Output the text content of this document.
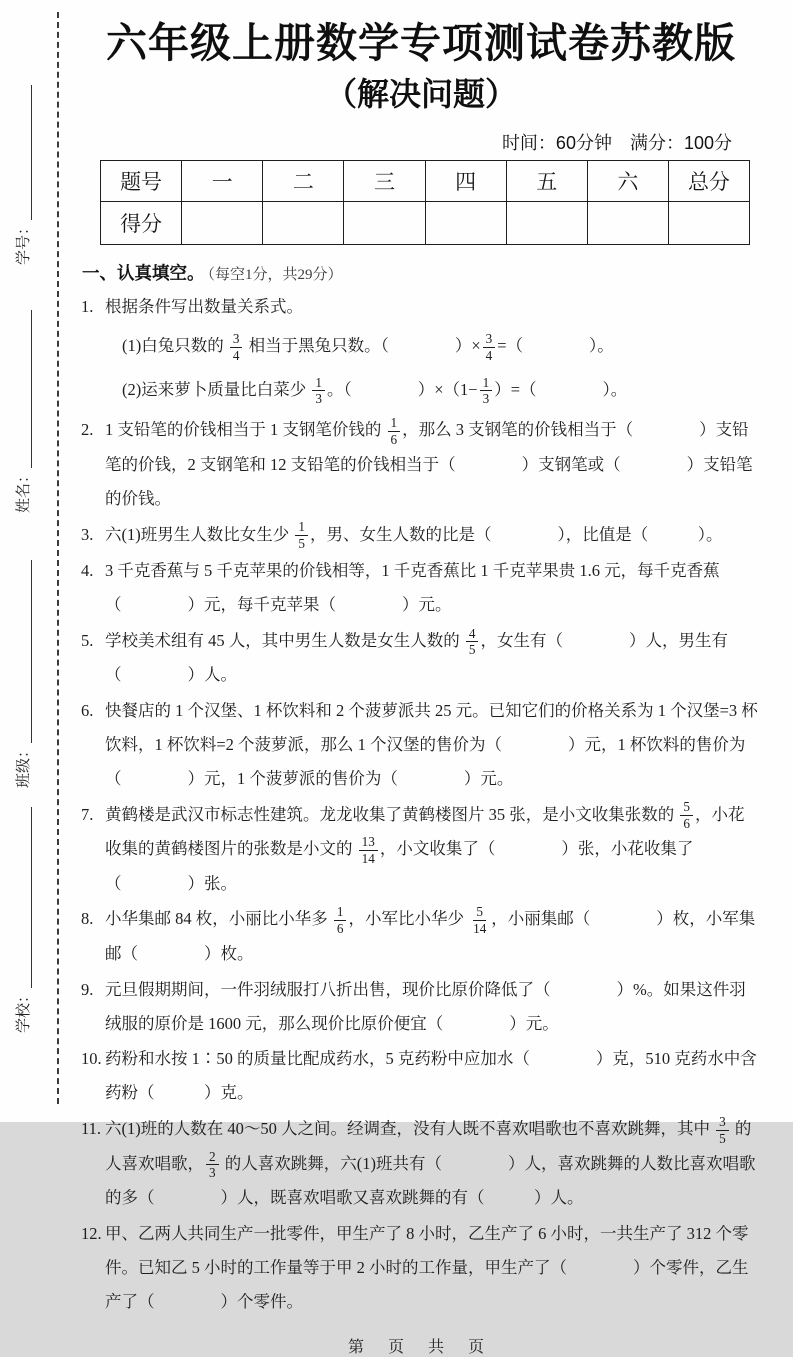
学号：
姓名：
班级：
学校：
六年级上册数学专项测试卷苏教版
（解决问题）
时间：60分钟　满分：100分
题号	一	二	三	四	五	六	总分
得分							
一、认真填空。 （每空1分，共29分）
1. 根据条件写出数量关系式。
(1)白兔只数的 $\frac{3}{4}$ 相当于黑兔只数。（　　　　）× $\frac{3}{4}$ =（　　　　）。
(2)运来萝卜质量比白菜少 $\frac{1}{3}$ 。（　　　　）$\times(1- \frac{1}{3}$ ）=（　　　　）。
2. 1 支铅笔的价钱相当于 1 支钢笔价钱的 $\frac{1}{6}$ ，那么 3 支钢笔的价钱相当于（　　　　）支铅笔的价钱，2 支钢笔和 12 支铅笔的价钱相当于（　　　　）支钢笔或（　　　　）支铅笔的价钱。
3. 六(1)班男生人数比女生少 $\frac{1}{5}$ ，男、女生人数的比是（　　　　），比值是（　　　）。
4. 3 千克香蕉与 5 千克苹果的价钱相等，1 千克香蕉比 1 千克苹果贵 1.6 元，每千克香蕉（　　　　）元，每千克苹果（　　　　）元。
5. 学校美术组有 45 人，其中男生人数是女生人数的 $\frac{4}{5}$ ，女生有（　　　　）人，男生有（　　　　）人。
6. 快餐店的 1 个汉堡、1 杯饮料和 2 个菠萝派共 25 元。已知它们的价格关系为 1 个汉堡=3 杯饮料，1 杯饮料=2 个菠萝派，那么 1 个汉堡的售价为（　　　　）元，1 杯饮料的售价为（　　　　）元，1 个菠萝派的售价为（　　　　）元。
7. 黄鹤楼是武汉市标志性建筑。龙龙收集了黄鹤楼图片 35 张，是小文收集张数的 $\frac{5}{6}$ ，小花收集的黄鹤楼图片的张数是小文的 $\frac{13}{14}$ ，小文收集了（　　　　）张，小花收集了（　　　　）张。
8. 小华集邮 84 枚，小丽比小华多 $\frac{1}{6}$ ，小军比小华少 $\frac{5}{14}$ ，小丽集邮（　　　　）枚，小军集邮（　　　　）枚。
9. 元旦假期期间，一件羽绒服打八折出售，现价比原价降低了（　　　　）%。如果这件羽绒服的原价是 1600 元，那么现价比原价便宜（　　　　）元。
10. 药粉和水按 1∶50 的质量比配成药水，5 克药粉中应加水（　　　　）克，510 克药水中含药粉（　　　）克。
11. 六(1)班的人数在 40～50 人之间。经调查，没有人既不喜欢唱歌也不喜欢跳舞，其中 $\frac{3}{5}$ 的人喜欢唱歌， $\frac{2}{3}$ 的人喜欢跳舞，六(1)班共有（　　　　）人，喜欢跳舞的人数比喜欢唱歌的多（　　　　）人，既喜欢唱歌又喜欢跳舞的有（　　　）人。
12. 甲、乙两人共同生产一批零件，甲生产了 8 小时，乙生产了 6 小时，一共生产了 312 个零件。已知乙 5 小时的工作量等于甲 2 小时的工作量，甲生产了（　　　　）个零件，乙生产了（　　　　）个零件。
第 页 共 页
